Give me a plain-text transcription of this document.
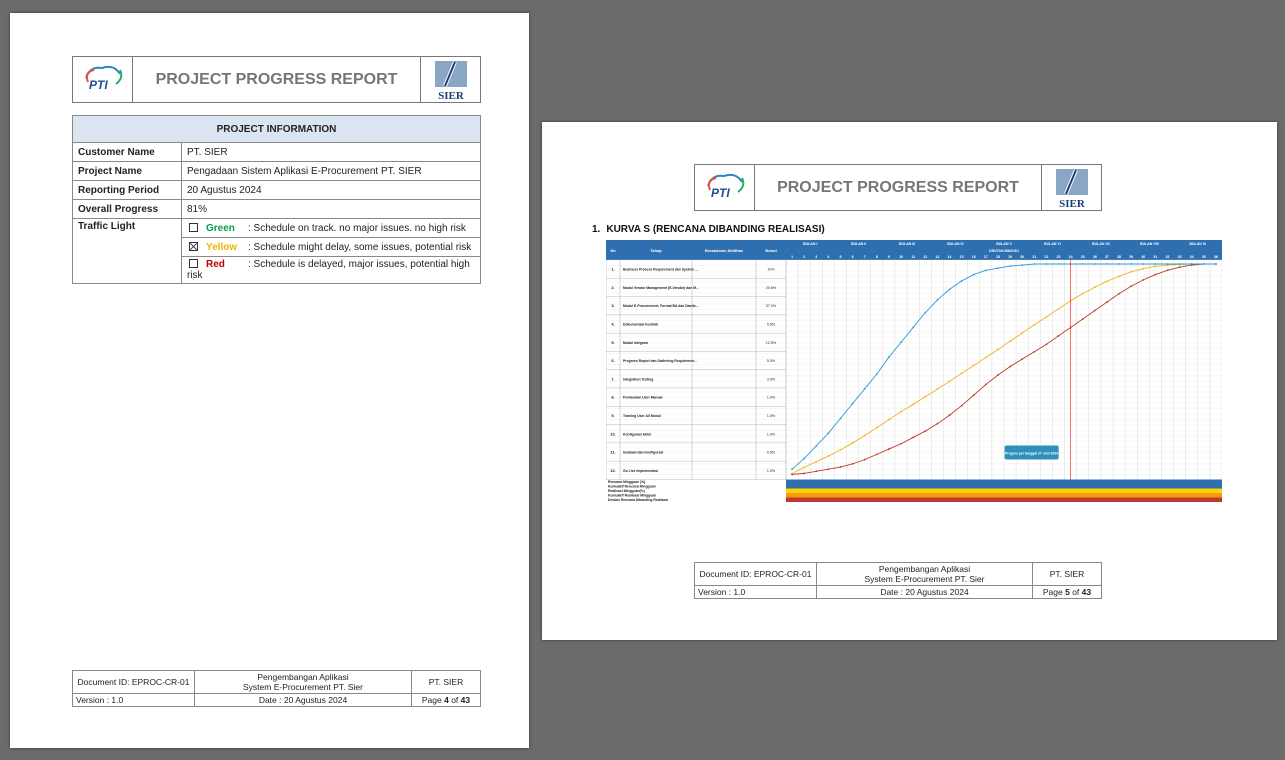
PTI	PROJECT PROGRESS REPORT
SIER
PROJECT INFORMATION	
Customer Name	PT. SIER
Project Name	Pengadaan Sistem Aplikasi E-Procurement PT. SIER
Reporting Period	20 Agustus 2024
Overall Progress	81%
Traffic Light	Green : Schedule on track. no major issues. no high risk
	Yellow : Schedule might delay, some issues, potential risk
	Red : Schedule is delayed, major issues, potential high risk
Document ID: EPROC-CR-01	Pengembangan Aplikasi
System E-Procurement PT. Sier	PT. SIER

Version : 1.0	Date : 20 Agustus 2024	Page 4 of 43
PTI	PROJECT PROGRESS REPORT
SIER
1. KURVA S (RENCANA DIBANDING REALISASI)
No	Tahap	Breakdown Aktifitas	Bobot
BULAN I	BULAN II	BULAN III	BULAN IV	BULAN V	BULAN VI	BULAN VII	BULAN VIII	BULAN IX
1	2	3	4	5	6	7	8	9	10 11 12 13 14 15 16 17 18 19 20 21 22 23 24 25 26 27 28 29 30 31 32 33 34 35 36
URUTAN MINGGU
1. Business Process Requirement dan System …	10%
2. Modul Vendor Management (E-Vendor) dan M…	20.5%
3. Modul E-Procurement, Format BA dan Dashb…	37.0%
4. Dokumentasi Kontrak	5.5%
5. Modul Integrasi	12.5%
6. Progress Report dan Gathering Requiremen…	5.0%
7. Integration Testing	3.0%
8. Pembuatan User Manual	1.0%
9. Training User All Modul	1.0%
10. Konfigurasi Akhir	1.0%
11. Instalasi dan Konfigurasi	0.5%
12. Go Live Implementasi	1.0%
Rencana Mingguan (%)
Kumulatif Rencana Mingguan
Realisasi Mingguan(%)
Kumulatif Realisasi Mingguan
Deviasi Rencana Dibanding Realisasi
Progres per tanggal 27 Juni 2024
Document ID: EPROC-CR-01	Pengembangan Aplikasi
System E-Procurement PT. Sier	PT. SIER

Version : 1.0	Date : 20 Agustus 2024	Page 5 of 43
